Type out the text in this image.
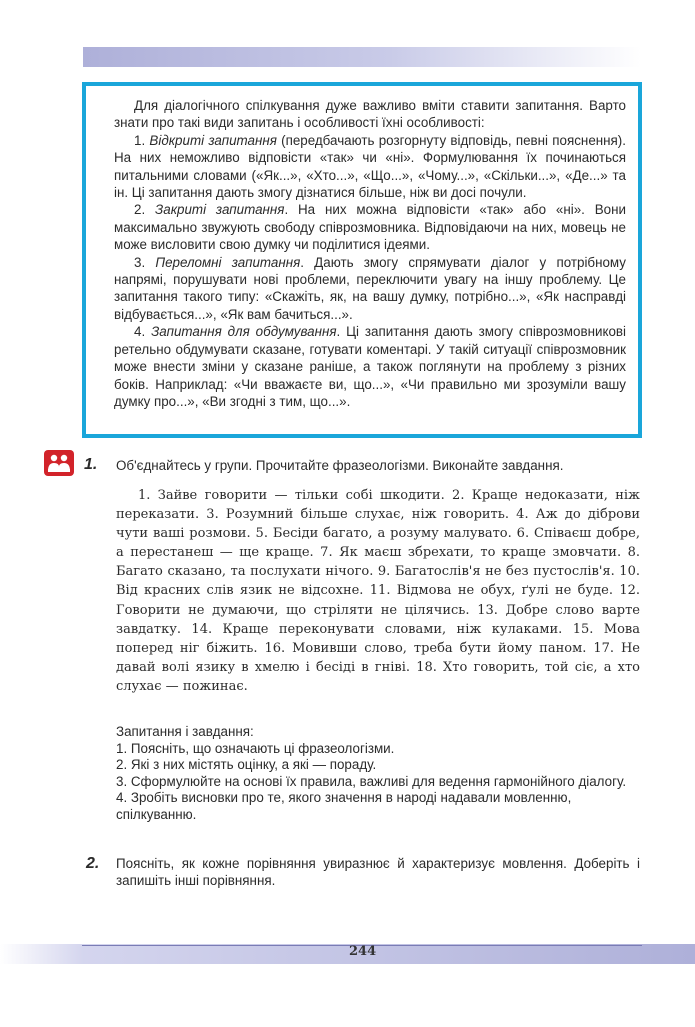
Для діалогічного спілкування дуже важливо вміти ставити запитання. Варто знати про такі види запитань і особливості їхні особливості:

1. Відкриті запитання (передбачають розгорнуту відповідь, певні пояснення). На них неможливо відповісти «так» чи «ні». Формулювання їх починаються питальними словами («Як...», «Хто...», «Що...», «Чому...», «Скільки...», «Де...» та ін. Ці запитання дають змогу дізнатися більше, ніж ви досі почули.

2. Закриті запитання. На них можна відповісти «так» або «ні». Вони максимально звужують свободу співрозмовника. Відповідаючи на них, мовець не може висловити свою думку чи поділитися ідеями.

3. Переломні запитання. Дають змогу спрямувати діалог у потрібному напрямі, порушувати нові проблеми, переключити увагу на іншу проблему. Це запитання такого типу: «Скажіть, як, на вашу думку, потрібно...», «Як насправді відбувається...», «Як вам бачиться...».

4. Запитання для обдумування. Ці запитання дають змогу співрозмовникові ретельно обдумувати сказане, готувати коментарі. У такій ситуації співрозмовник може внести зміни у сказане раніше, а також поглянути на проблему з різних боків. Наприклад: «Чи вважаєте ви, що...», «Чи правильно ми зрозуміли вашу думку про...», «Ви згодні з тим, що...».

1. Об'єднайтесь у групи. Прочитайте фразеологізми. Виконайте завдання.

1. Зайве говорити — тільки собі шкодити. 2. Краще недоказати, ніж переказати. 3. Розумний більше слухає, ніж говорить. 4. Аж до діброви чути ваші розмови. 5. Бесіди багато, а розуму малувато. 6. Співаєш добре, а перестанеш — ще краще. 7. Як маєш збрехати, то краще змовчати. 8. Багато сказано, та послухати нічого. 9. Багатослів'я не без пустослів'я. 10. Від красних слів язик не відсохне. 11. Відмова не обух, ґулі не буде. 12. Говорити не думаючи, що стріляти не цілячись. 13. Добре слово варте завдатку. 14. Краще переконувати словами, ніж кулаками. 15. Мова поперед ніг біжить. 16. Мовивши слово, треба бути йому паном. 17. Не давай волі язику в хмелю і бесіді в гніві. 18. Хто говорить, той сіє, а хто слухає — пожинає.

Запитання і завдання:
1. Поясніть, що означають ці фразеологізми.
2. Які з них містять оцінку, а які — пораду.
3. Сформулюйте на основі їх правила, важливі для ведення гармонійного діалогу.
4. Зробіть висновки про те, якого значення в народі надавали мовленню, спілкуванню.
2. Поясніть, як кожне порівняння увиразнює й характеризує мовлення. Доберіть і запишіть інші порівняння.
244
